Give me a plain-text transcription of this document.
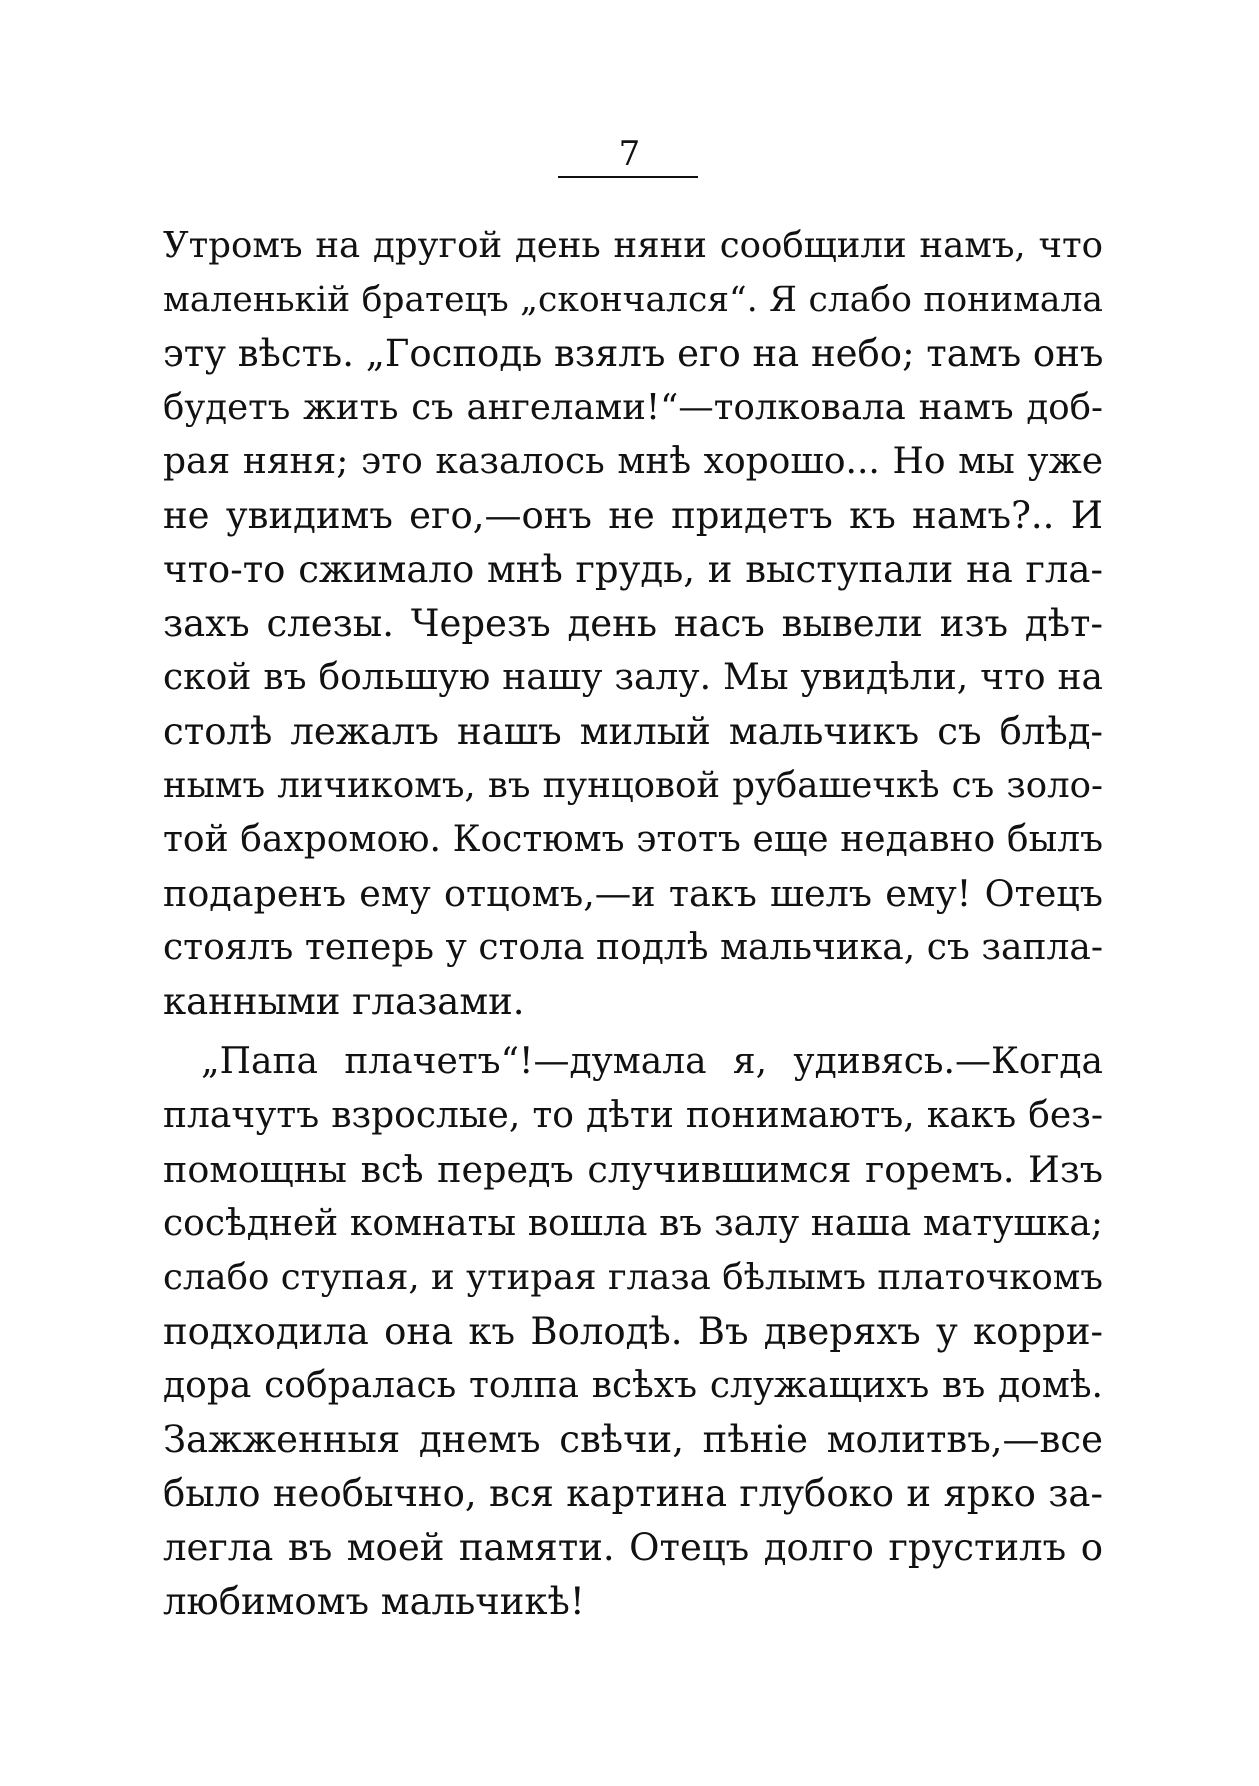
7
Утромъ на другой день няни сообщили намъ, что
маленькій братецъ „скончался“. Я слабо понимала
эту вѣсть. „Господь взялъ его на небо; тамъ онъ
будетъ жить съ ангелами!“—толковала намъ доб-
рая няня; это казалось мнѣ хорошо... Но мы уже
не увидимъ его,—онъ не придетъ къ намъ?.. И
что-то сжимало мнѣ грудь, и выступали на гла-
захъ слезы. Черезъ день насъ вывели изъ дѣт-
ской въ большую нашу залу. Мы увидѣли, что на
столѣ лежалъ нашъ милый мальчикъ съ блѣд-
нымъ личикомъ, въ пунцовой рубашечкѣ съ золо-
той бахромою. Костюмъ этотъ еще недавно былъ
подаренъ ему отцомъ,—и такъ шелъ ему! Отецъ
стоялъ теперь у стола подлѣ мальчика, съ запла-
канными глазами.
„Папа плачетъ“!—думала я, удивясь.—Когда
плачутъ взрослые, то дѣти понимаютъ, какъ без-
помощны всѣ передъ случившимся горемъ. Изъ
сосѣдней комнаты вошла въ залу наша матушка;
слабо ступая, и утирая глаза бѣлымъ платочкомъ
подходила она къ Володѣ. Въ дверяхъ у корри-
дора собралась толпа всѣхъ служащихъ въ домѣ.
Зажженныя днемъ свѣчи, пѣніе молитвъ,—все
было необычно, вся картина глубоко и ярко за-
легла въ моей памяти. Отецъ долго грустилъ о
любимомъ мальчикѣ!
